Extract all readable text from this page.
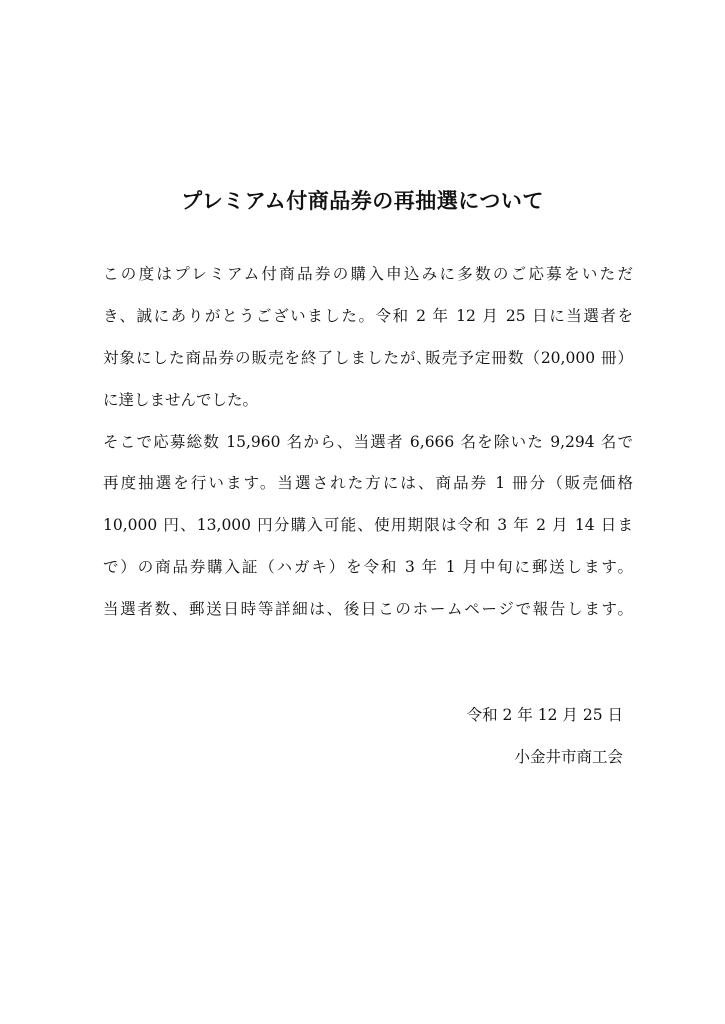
プレミアム付商品券の再抽選について
この度はプレミアム付商品券の購入申込みに多数のご応募をいただ
き、誠にありがとうございました。令和 2 年 12 月 25 日に当選者を
対象にした商品券の販売を終了しましたが､販売予定冊数（20,000 冊）
に達しませんでした。
そこで応募総数 15,960 名から、当選者 6,666 名を除いた 9,294 名で
再度抽選を行います。当選された方には、商品券 1 冊分（販売価格
10,000 円、13,000 円分購入可能、使用期限は令和 3 年 2 月 14 日ま
で）の商品券購入証（ハガキ）を令和 3 年 1 月中旬に郵送します。
当選者数、郵送日時等詳細は、後日このホームページで報告します。
令和 2 年 12 月 25 日
小金井市商工会
